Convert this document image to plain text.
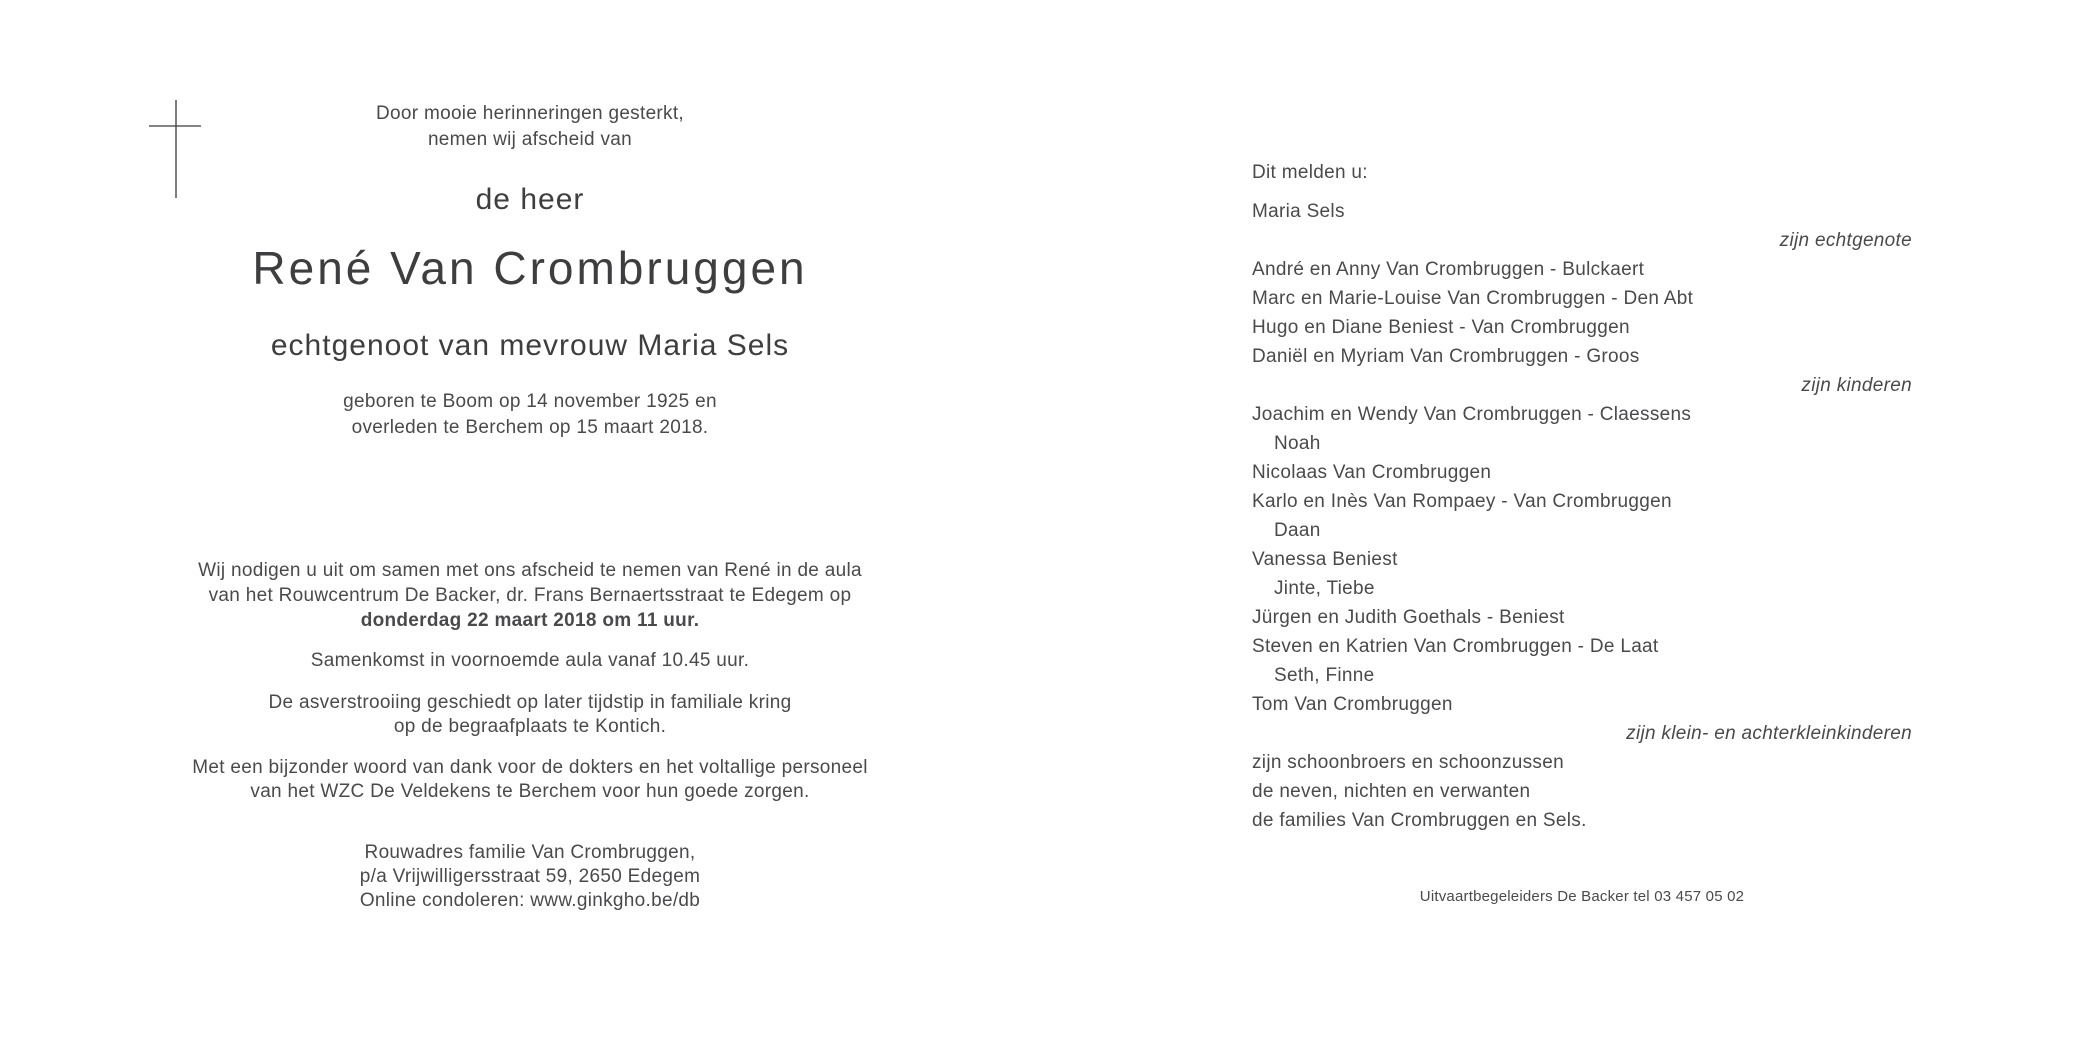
Door mooie herinneringen gesterkt,
nemen wij afscheid van
de heer
René Van Crombruggen
echtgenoot van mevrouw Maria Sels
geboren te Boom op 14 november 1925 en
overleden te Berchem op 15 maart 2018.
Wij nodigen u uit om samen met ons afscheid te nemen van René in de aula
van het Rouwcentrum De Backer, dr. Frans Bernaertsstraat te Edegem op
donderdag 22 maart 2018 om 11 uur.
Samenkomst in voornoemde aula vanaf 10.45 uur.
De asverstrooiing geschiedt op later tijdstip in familiale kring
op de begraafplaats te Kontich.
Met een bijzonder woord van dank voor de dokters en het voltallige personeel
van het WZC De Veldekens te Berchem voor hun goede zorgen.
Rouwadres familie Van Crombruggen,
p/a Vrijwilligersstraat 59, 2650 Edegem
Online condoleren: www.ginkgho.be/db
Dit melden u:
Maria Sels
zijn echtgenote
André en Anny Van Crombruggen - Bulckaert
Marc en Marie-Louise Van Crombruggen - Den Abt
Hugo en Diane Beniest - Van Crombruggen
Daniël en Myriam Van Crombruggen - Groos
zijn kinderen
Joachim en Wendy Van Crombruggen - Claessens
Noah
Nicolaas Van Crombruggen
Karlo en Inès Van Rompaey - Van Crombruggen
Daan
Vanessa Beniest
Jinte, Tiebe
Jürgen en Judith Goethals - Beniest
Steven en Katrien Van Crombruggen - De Laat
Seth, Finne
Tom Van Crombruggen
zijn klein- en achterkleinkinderen
zijn schoonbroers en schoonzussen
de neven, nichten en verwanten
de families Van Crombruggen en Sels.
Uitvaartbegeleiders De Backer tel 03 457 05 02
